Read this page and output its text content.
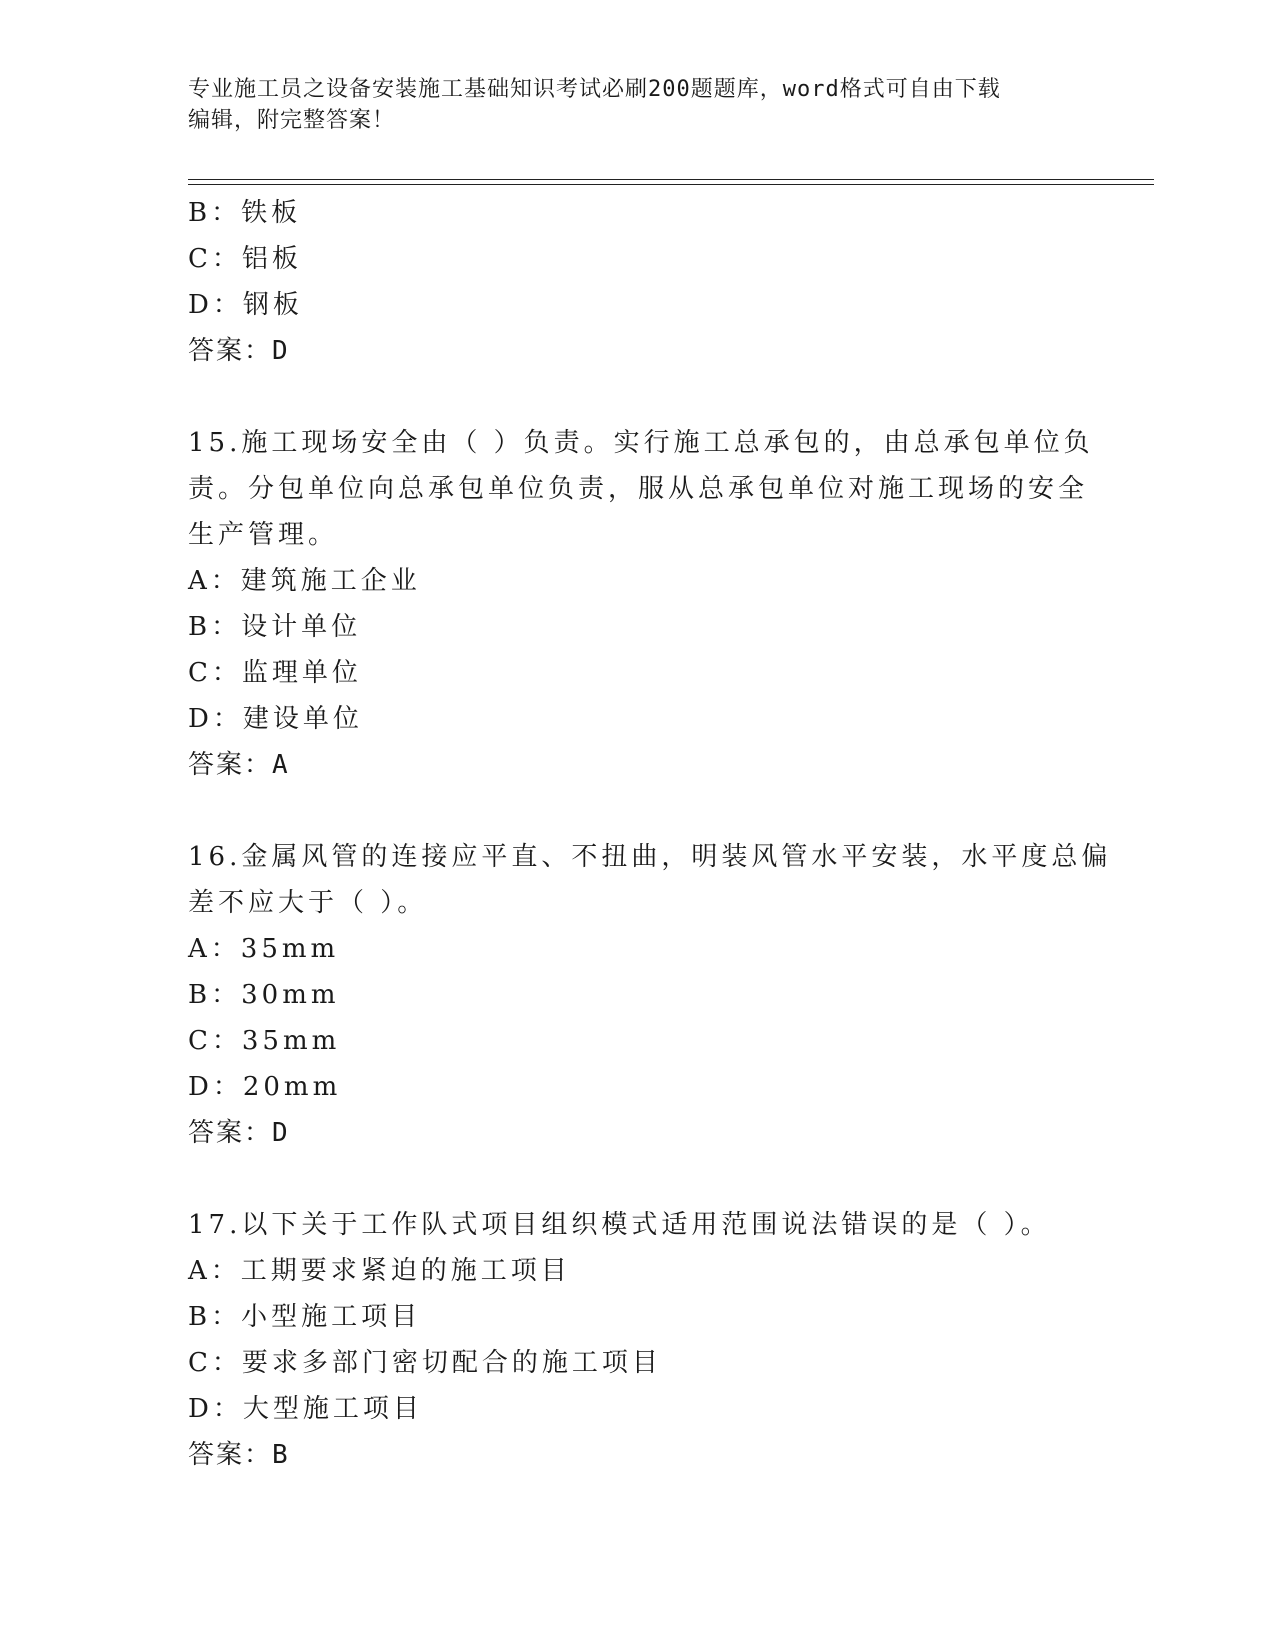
专业施工员之设备安装施工基础知识考试必刷200题题库，word格式可自由下载
编辑，附完整答案！
B：铁板
C：铝板
D：钢板
答案：D
15.施工现场安全由（ ）负责。实行施工总承包的，由总承包单位负
责。分包单位向总承包单位负责，服从总承包单位对施工现场的安全
生产管理。
A：建筑施工企业
B：设计单位
C：监理单位
D：建设单位
答案：A
16.金属风管的连接应平直、不扭曲，明装风管水平安装，水平度总偏
差不应大于（ ）。
A：35mm
B：30mm
C：35mm
D：20mm
答案：D
17.以下关于工作队式项目组织模式适用范围说法错误的是（ ）。
A：工期要求紧迫的施工项目
B：小型施工项目
C：要求多部门密切配合的施工项目
D：大型施工项目
答案：B
